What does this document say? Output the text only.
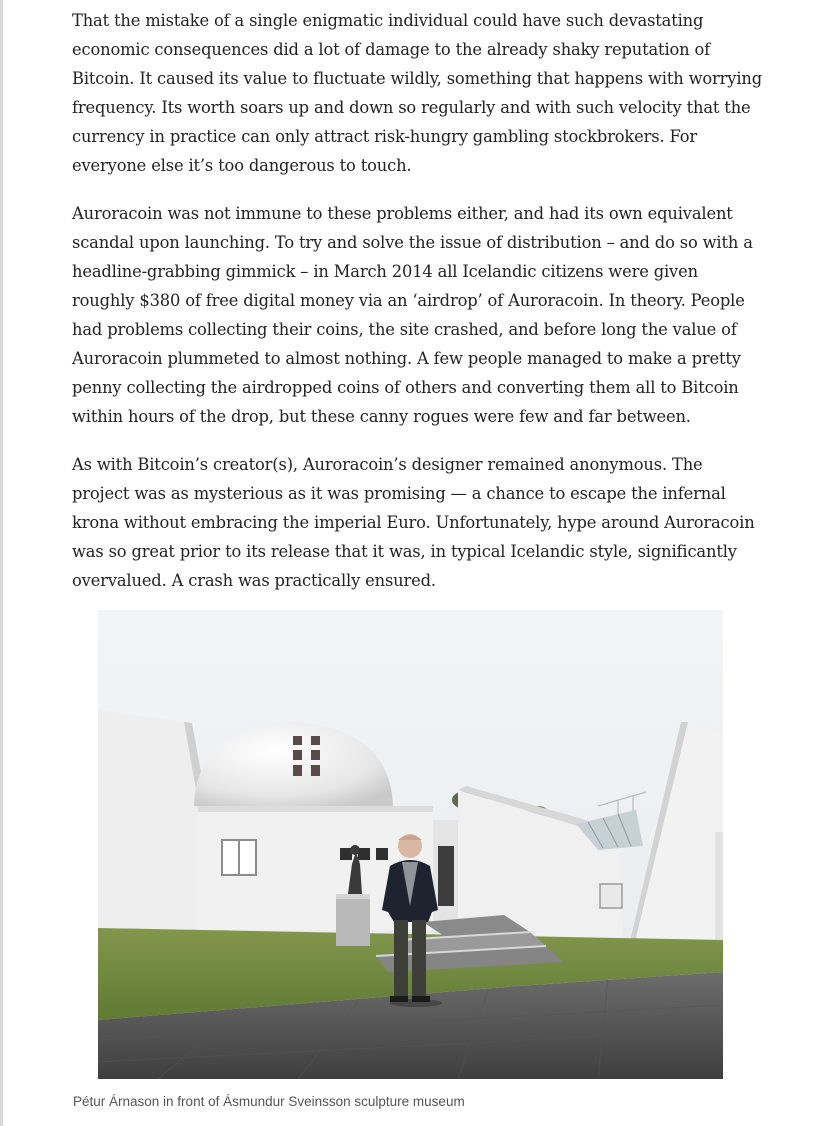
That the mistake of a single enigmatic individual could have such devastating economic consequences did a lot of damage to the already shaky reputation of Bitcoin. It caused its value to fluctuate wildly, something that happens with worrying frequency. Its worth soars up and down so regularly and with such velocity that the currency in practice can only attract risk-hungry gambling stockbrokers. For everyone else it’s too dangerous to touch.

Auroracoin was not immune to these problems either, and had its own equivalent scandal upon launching. To try and solve the issue of distribution – and do so with a headline-grabbing gimmick – in March 2014 all Icelandic citizens were given roughly $380 of free digital money via an ‘airdrop’ of Auroracoin. In theory. People had problems collecting their coins, the site crashed, and before long the value of Auroracoin plummeted to almost nothing. A few people managed to make a pretty penny collecting the airdropped coins of others and converting them all to Bitcoin within hours of the drop, but these canny rogues were few and far between.

As with Bitcoin’s creator(s), Auroracoin’s designer remained anonymous. The project was as mysterious as it was promising — a chance to escape the infernal krona without embracing the imperial Euro. Unfortunately, hype around Auroracoin was so great prior to its release that it was, in typical Icelandic style, significantly overvalued. A crash was practically ensured.

Pétur Árnason in front of Ásmundur Sveinsson sculpture museum
